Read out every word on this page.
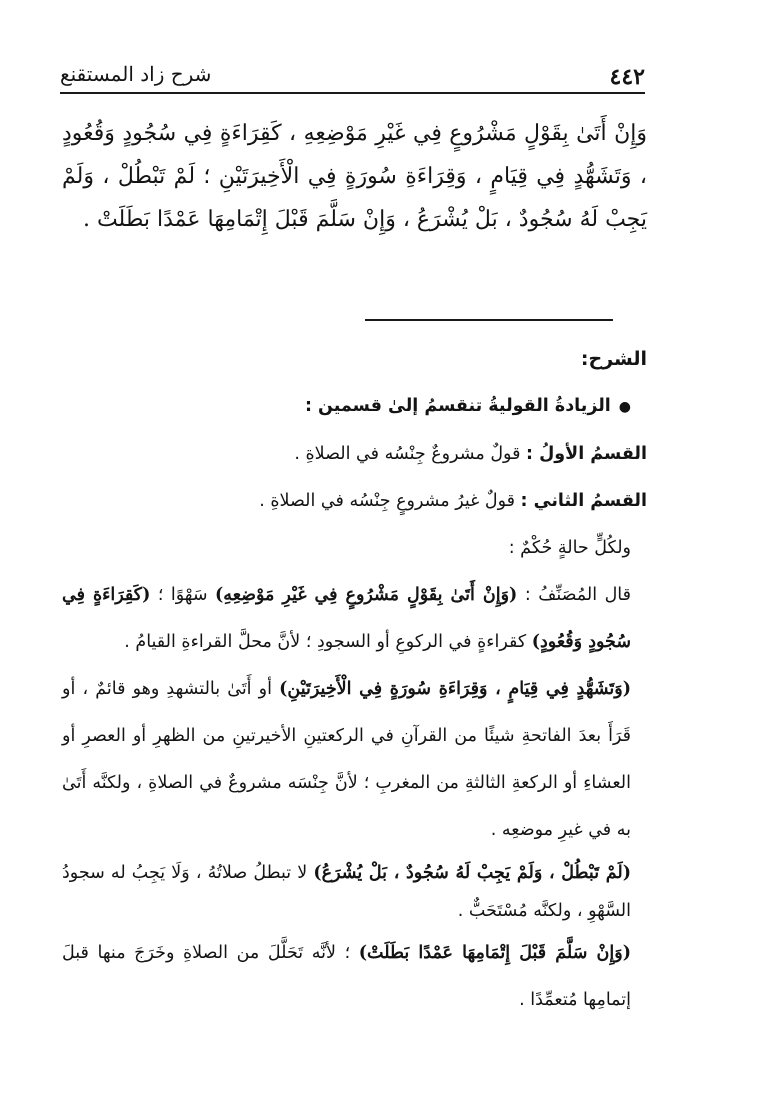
شرح زاد المستقنع	٤٤٢
وَإِنْ أَتَىٰ بِقَوْلٍ مَشْرُوعٍ فِي غَيْرِ مَوْضِعِهِ ، كَقِرَاءَةٍ فِي سُجُودٍ وَقُعُودٍ ، وَتَشَهُّدٍ فِي قِيَامٍ ، وَقِرَاءَةِ سُورَةٍ فِي الْأَخِيرَتَيْنِ ؛ لَمْ تَبْطُلْ ، وَلَمْ يَجِبْ لَهُ سُجُودٌ ، بَلْ يُشْرَعُ ، وَإِنْ سَلَّمَ قَبْلَ إِتْمَامِهَا عَمْدًا بَطَلَتْ .

الشرح:

●الزيادةُ القوليةُ تنقسمُ إلىٰ قسمين :

القسمُ الأولُ : قولٌ مشروعٌ جِنْسُه في الصلاةِ .

القسمُ الثاني : قولٌ غيرُ مشروعٍ جِنْسُه في الصلاةِ .

ولكُلٍّ حالةٍ حُكْمٌ :

قال المُصَنِّفُ : (وَإِنْ أَتَىٰ بِقَوْلٍ مَشْرُوعٍ فِي غَيْرِ مَوْضِعِهِ) سَهْوًا ؛ (كَقِرَاءَةٍ فِي سُجُودٍ وَقُعُودٍ) كقراءةٍ في الركوعِ أو السجودِ ؛ لأنَّ محلَّ القراءةِ القيامُ .

(وَتَشَهُّدٍ فِي قِيَامٍ ، وَقِرَاءَةِ سُورَةٍ فِي الْأَخِيرَتَيْنِ) أو أَتَىٰ بالتشهدِ وهو قائمٌ ، أو قَرَأَ بعدَ الفاتحةِ شيئًا من القرآنِ في الركعتينِ الأخيرتينِ من الظهرِ أو العصرِ أو العشاءِ أو الركعةِ الثالثةِ من المغربِ ؛ لأنَّ جِنْسَه مشروعٌ في الصلاةِ ، ولكنَّه أَتَىٰ به في غيرِ موضعِه .

(لَمْ تَبْطُلْ ، وَلَمْ يَجِبْ لَهُ سُجُودٌ ، بَلْ يُشْرَعُ) لا تبطلُ صلاتُهُ ، وَلَا يَجِبُ له سجودُ السَّهْوِ ، ولكنَّه مُسْتَحَبٌّ .

(وَإِنْ سَلَّمَ قَبْلَ إِتْمَامِهَا عَمْدًا بَطَلَتْ) ؛ لأنَّه تَحَلَّلَ من الصلاةِ وخَرَجَ منها قبلَ إتمامِها مُتعمِّدًا .
